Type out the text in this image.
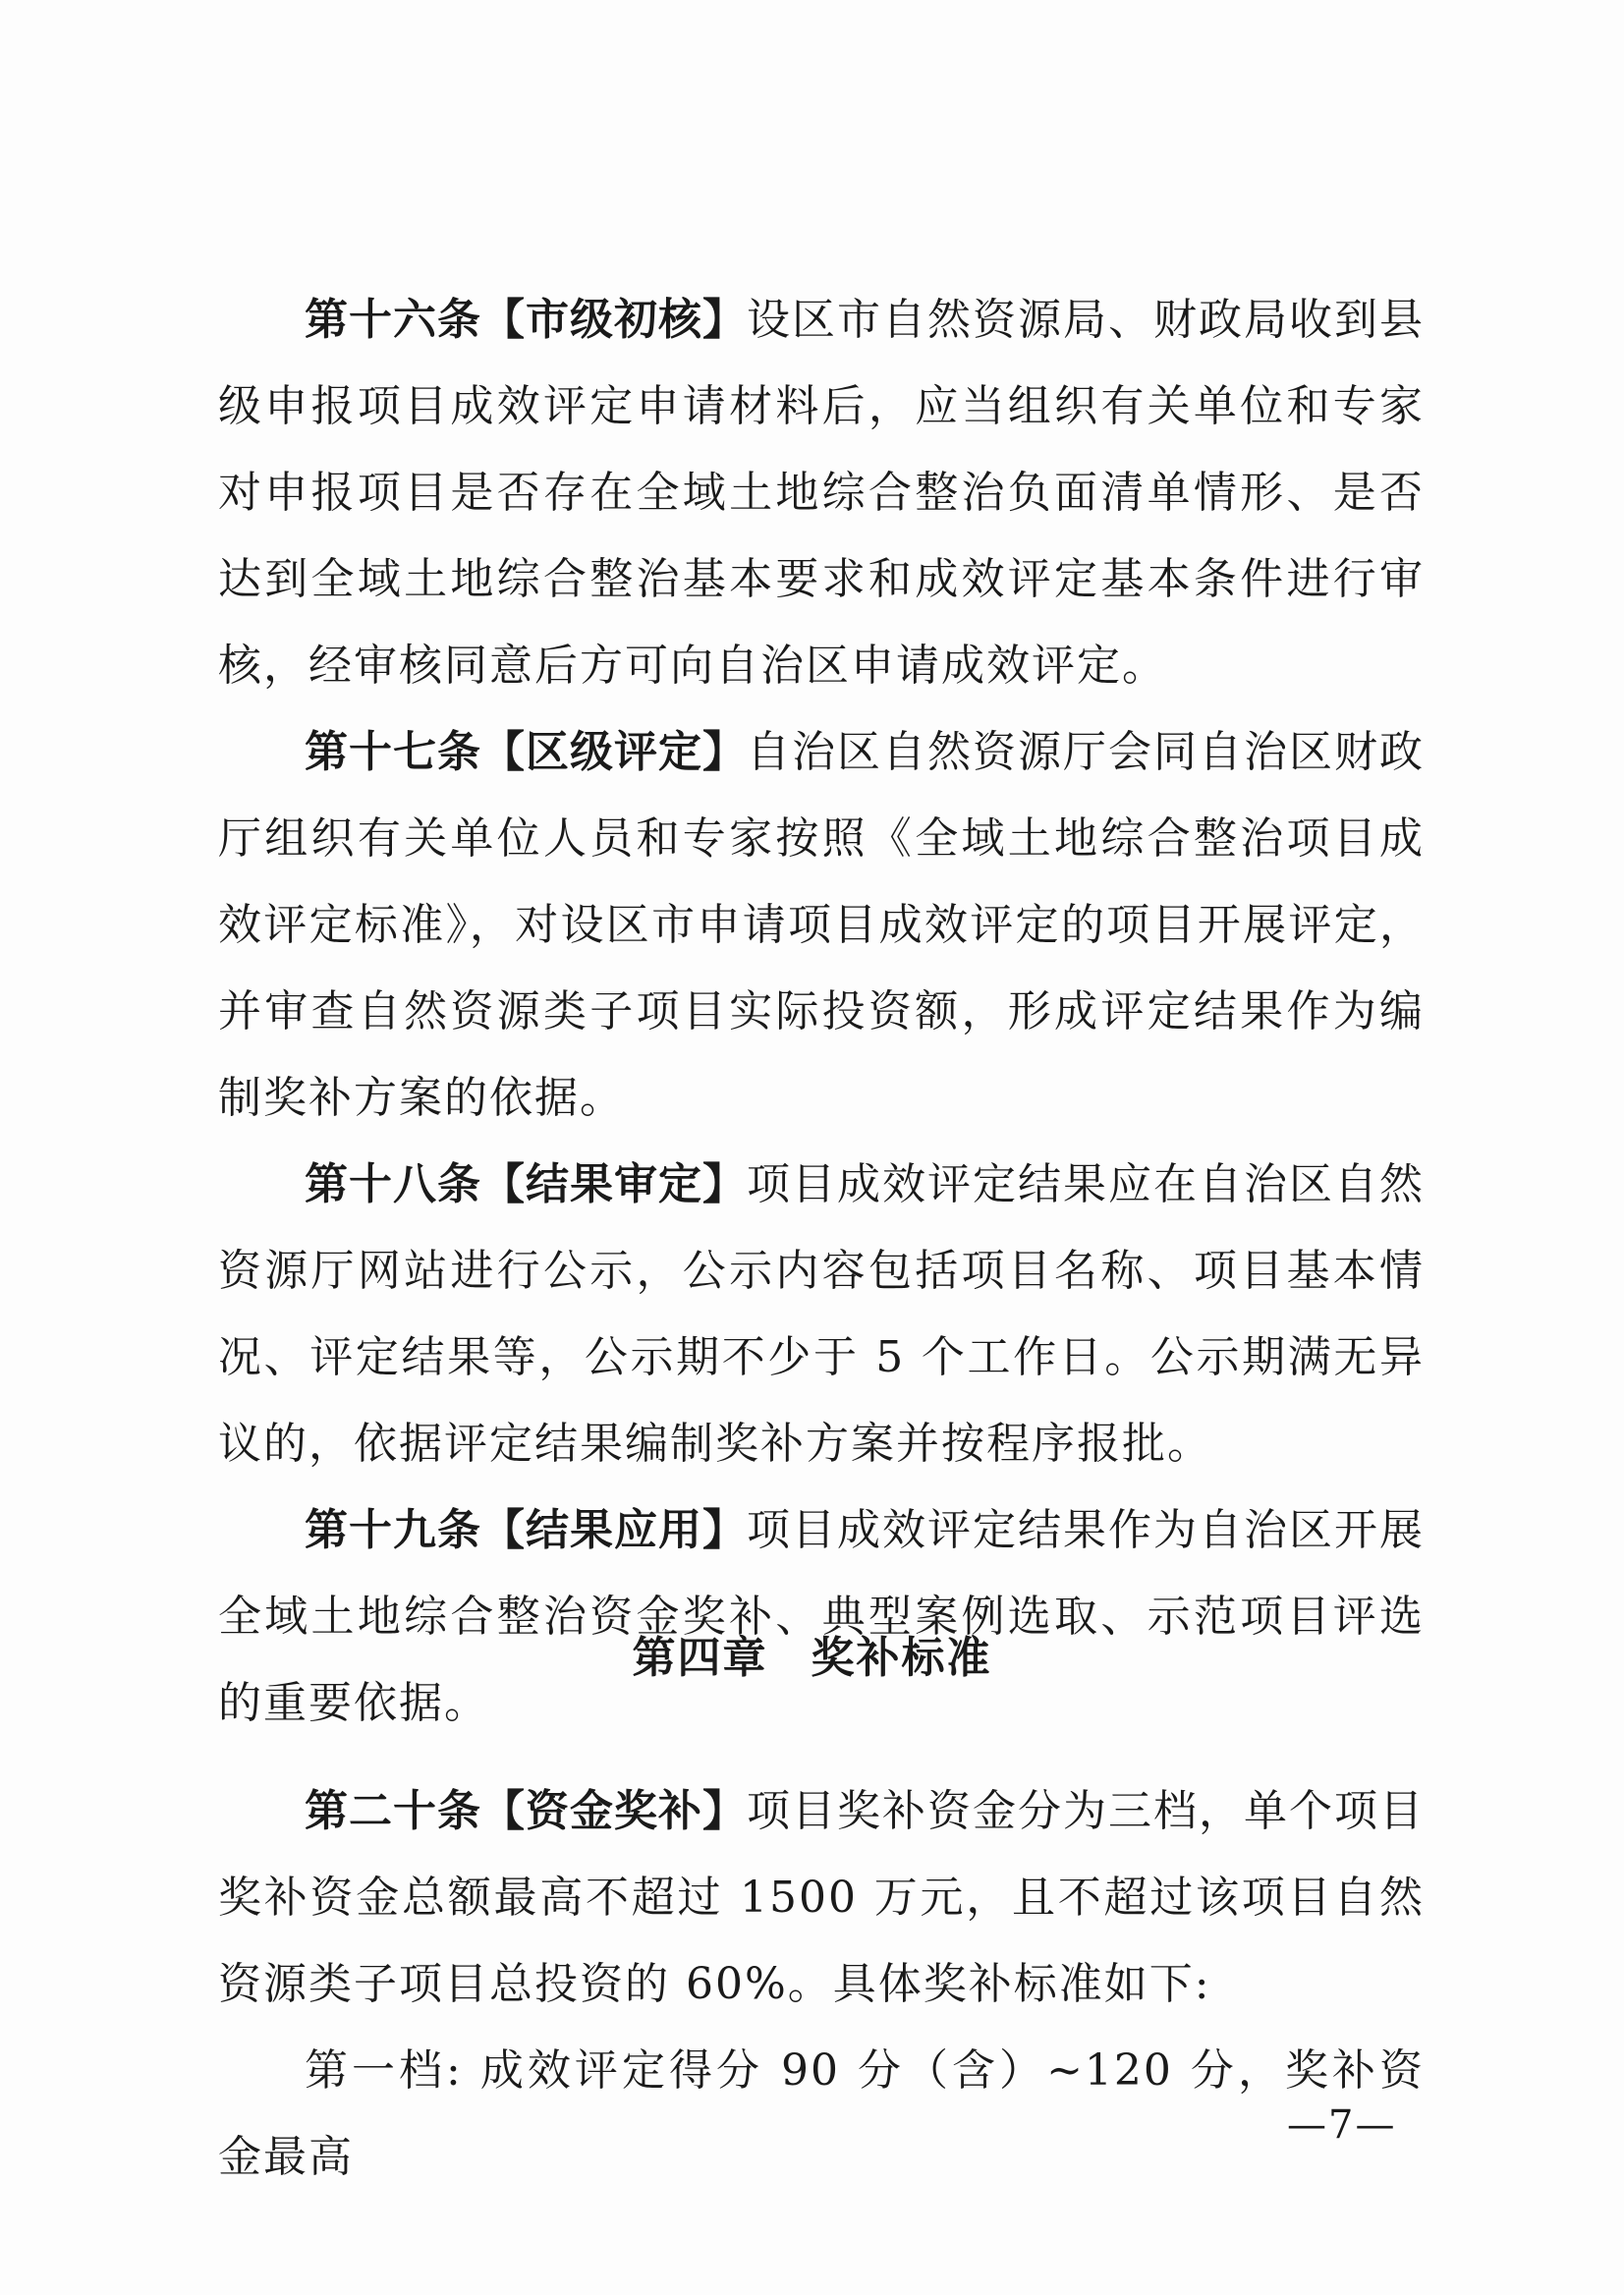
第十六条【市级初核】设区市自然资源局、财政局收到县级申报项目成效评定申请材料后，应当组织有关单位和专家对申报项目是否存在全域土地综合整治负面清单情形、是否达到全域土地综合整治基本要求和成效评定基本条件进行审核，经审核同意后方可向自治区申请成效评定。

第十七条【区级评定】自治区自然资源厅会同自治区财政厅组织有关单位人员和专家按照《全域土地综合整治项目成效评定标准》，对设区市申请项目成效评定的项目开展评定，并审查自然资源类子项目实际投资额，形成评定结果作为编制奖补方案的依据。

第十八条【结果审定】项目成效评定结果应在自治区自然资源厅网站进行公示，公示内容包括项目名称、项目基本情况、评定结果等，公示期不少于 5 个工作日。公示期满无异议的，依据评定结果编制奖补方案并按程序报批。

第十九条【结果应用】项目成效评定结果作为自治区开展全域土地综合整治资金奖补、典型案例选取、示范项目评选的重要依据。

第四章 奖补标准

第二十条【资金奖补】项目奖补资金分为三档，单个项目奖补资金总额最高不超过 1500 万元，且不超过该项目自然资源类子项目总投资的 60%。具体奖补标准如下:

第一档: 成效评定得分 90 分（含）~120 分，奖补资金最高

—7—
